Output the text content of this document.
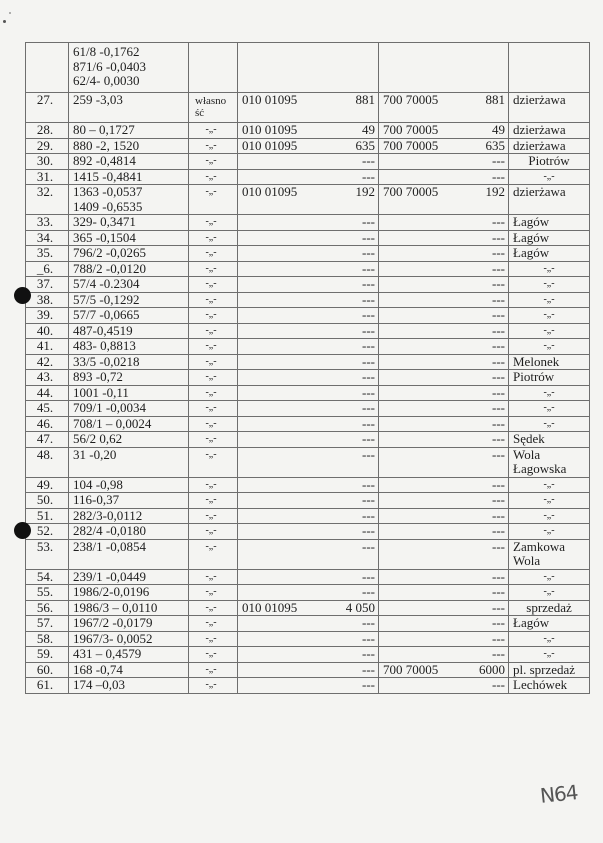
	61/8 -0,1762
871/6 -0,0403
62/4- 0,0030						

27.	259 -3,03	własno ść	010 01095	881	700 70005	881	dzierżawa
28.	80 – 0,1727	-„-	010 01095	49	700 70005	49	dzierżawa
29.	880 -2, 1520	-„-	010 01095	635	700 70005	635	dzierżawa
30.	892 -0,4814	-„-		---		---	Piotrów
31.	1415 -0,4841	-„-		---		---	-„-
32.	1363 -0,0537
1409 -0,6535	-„-	010 01095	192	700 70005	192	dzierżawa
33.	329- 0,3471	-„-		---		---	Łagów
34.	365 -0,1504	-„-		---		---	Łagów
35.	796/2 -0,0265	-„-		---		---	Łagów
_6.	788/2 -0,0120	-„-		---		---	-„-
37.	57/4 -0.2304	-„-		---		---	-„-
38.	57/5 -0,1292	-„-		---		---	-„-
39.	57/7 -0,0665	-„-		---		---	-„-
40.	487-0,4519	-„-		---		---	-„-
41.	483- 0,8813	-„-		---		---	-„-
42.	33/5 -0,0218	-„-		---		---	Melonek
43.	893 -0,72	-„-		---		---	Piotrów
44.	1001 -0,11	-„-		---		---	-„-
45.	709/1 -0,0034	-„-		---		---	-„-
46.	708/1 – 0,0024	-„-		---		---	-„-
47.	56/2 0,62	-„-		---		---	Sędek
48.	31 -0,20	-„-		---		---	Wola Łagowska
49.	104 -0,98	-„-		---		---	-„-
50.	116-0,37	-„-		---		---	-„-
51.	282/3-0,0112	-„-		---		---	-„-
52.	282/4 -0,0180	-„-		---		---	-„-
53.	238/1 -0,0854	-„-		---		---	Zamkowa Wola
54.	239/1 -0,0449	-„-		---		---	-„-
55.	1986/2-0,0196	-„-		---		---	-„-
56.	1986/3 – 0,0110	-„-	010 01095	4 050		---	sprzedaż
57.	1967/2 -0,0179	-„-		---		---	Łagów
58.	1967/3- 0,0052	-„-		---		---	-„-
59.	431 – 0,4579	-„-		---		---	-„-
60.	168 -0,74	-„-		---	700 70005	6000	pl. sprzedaż
61.	174 –0,03	-„-		---		---	Lechówek
N64
